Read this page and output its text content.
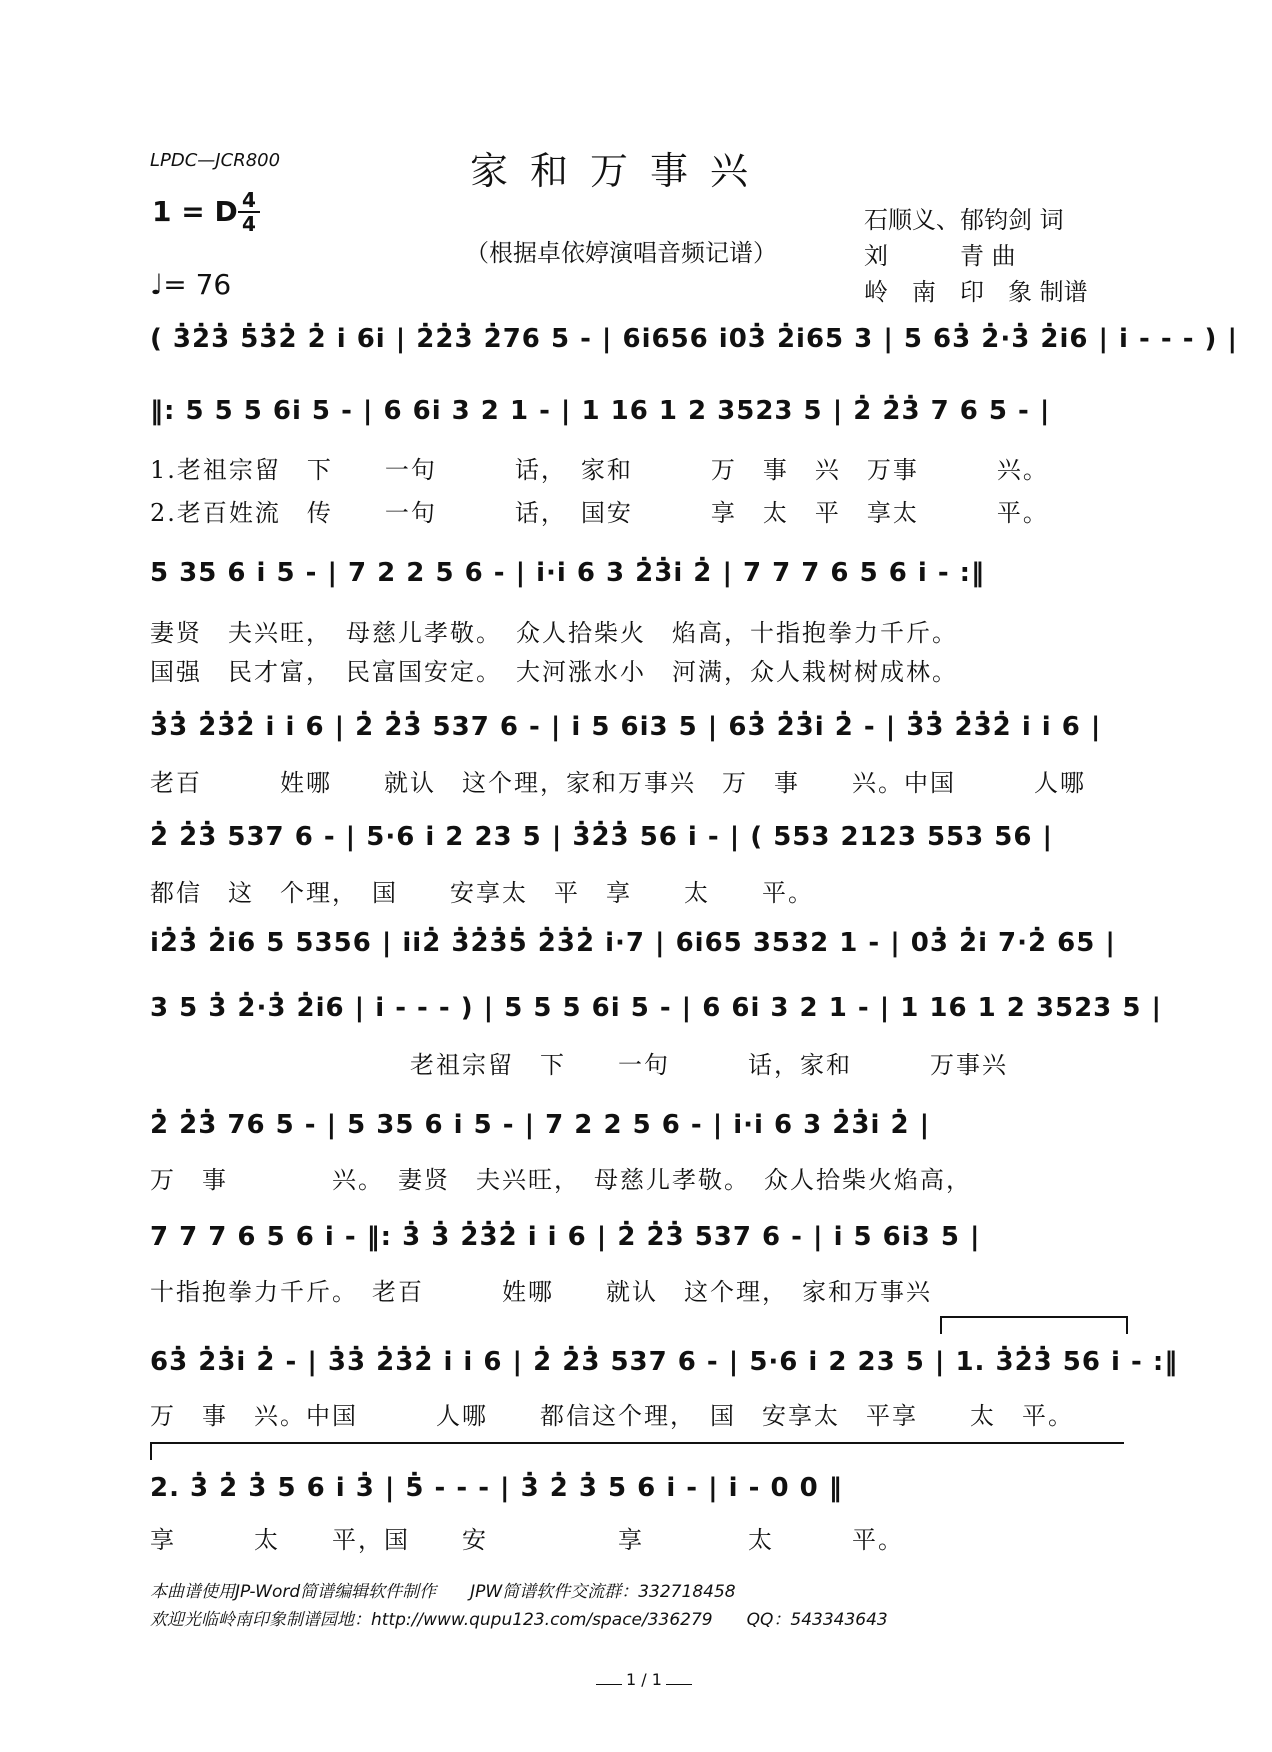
LPDC—JCR800	家和万事兴
（根据卓依婷演唱音频记谱）
1 = D 4
4
♩= 76
石顺义、郁钧剑 词
刘　　　青 曲
岭　南　印　象 制谱
( 3̇2̇3̇ 5̇3̇2̇ 2̇ i 6i | 2̇2̇3̇ 2̇76 5 - | 6i656 i03̇ 2̇i65 3 | 5 63̇ 2̇·3̇ 2̇i6 | i - - - ) |
‖: 5 5 5 6i 5 - | 6 6i 3 2 1 - | 1 16 1 2 3523 5 | 2̇ 2̇3̇ 7 6 5 - |
1.老祖宗留　下　　一句　　　话，　家和　　　万　事　兴　万事　　　兴。
2.老百姓流　传　　一句　　　话，　国安　　　享　太　平　享太　　　平。
5 35 6 i 5 - | 7 2 2 5 6 - | i·i 6 3 2̇3̇i 2̇ | 7 7 7 6 5 6 i - :‖
妻贤　夫兴旺，　母慈儿孝敬。　众人拾柴火　焰高，十指抱拳力千斤。
国强　民才富，　民富国安定。　大河涨水小　河满，众人栽树树成林。
3̇3̇ 2̇3̇2̇ i i 6 | 2̇ 2̇3̇ 537 6 - | i 5 6i3 5 | 63̇ 2̇3̇i 2̇ - | 3̇3̇ 2̇3̇2̇ i i 6 |
老百　　　姓哪　　就认　这个理，家和万事兴　万　事　　兴。中国　　　人哪
2̇ 2̇3̇ 537 6 - | 5·6 i 2 23 5 | 3̇2̇3̇ 56 i - | ( 553 2123 553 56 |
都信　这　个理，　国　　安享太　平　享　　太　　平。
i2̇3̇ 2̇i6 5 5356 | ii2̇ 3̇2̇3̇5̇ 2̇3̇2̇ i·7 | 6i65 3532 1 - | 03̇ 2̇i 7·2̇ 65 |
3 5 3̇ 2̇·3̇ 2̇i6 | i - - - ) | 5 5 5 6i 5 - | 6 6i 3 2 1 - | 1 16 1 2 3523 5 |
　　　　　　　　　　老祖宗留　下　　一句　　　话，家和　　　万事兴
2̇ 2̇3̇ 76 5 - | 5 35 6 i 5 - | 7 2 2 5 6 - | i·i 6 3 2̇3̇i 2̇ |
万　事　　　　兴。　妻贤　夫兴旺，　母慈儿孝敬。　众人拾柴火焰高，
7 7 7 6 5 6 i - ‖: 3̇ 3̇ 2̇3̇2̇ i i 6 | 2̇ 2̇3̇ 537 6 - | i 5 6i3 5 |
十指抱拳力千斤。　老百　　　姓哪　　就认　这个理，　家和万事兴
63̇ 2̇3̇i 2̇ - | 3̇3̇ 2̇3̇2̇ i i 6 | 2̇ 2̇3̇ 537 6 - | 5·6 i 2 23 5 | 1. 3̇2̇3̇ 56 i - :‖
万　事　兴。中国　　　人哪　　都信这个理，　国　安享太　平享　　太　平。
2. 3̇ 2̇ 3̇ 5 6 i 3̇ | 5̇ - - - | 3̇ 2̇ 3̇ 5 6 i - | i - 0 0 ‖
享　　　太　　平，国　　安　　　　　享　　　　太　　　平。
本曲谱使用JP-Word简谱编辑软件制作　　JPW简谱软件交流群：332718458
欢迎光临岭南印象制谱园地：http://www.qupu123.com/space/336279　　QQ：543343643
1 / 1
